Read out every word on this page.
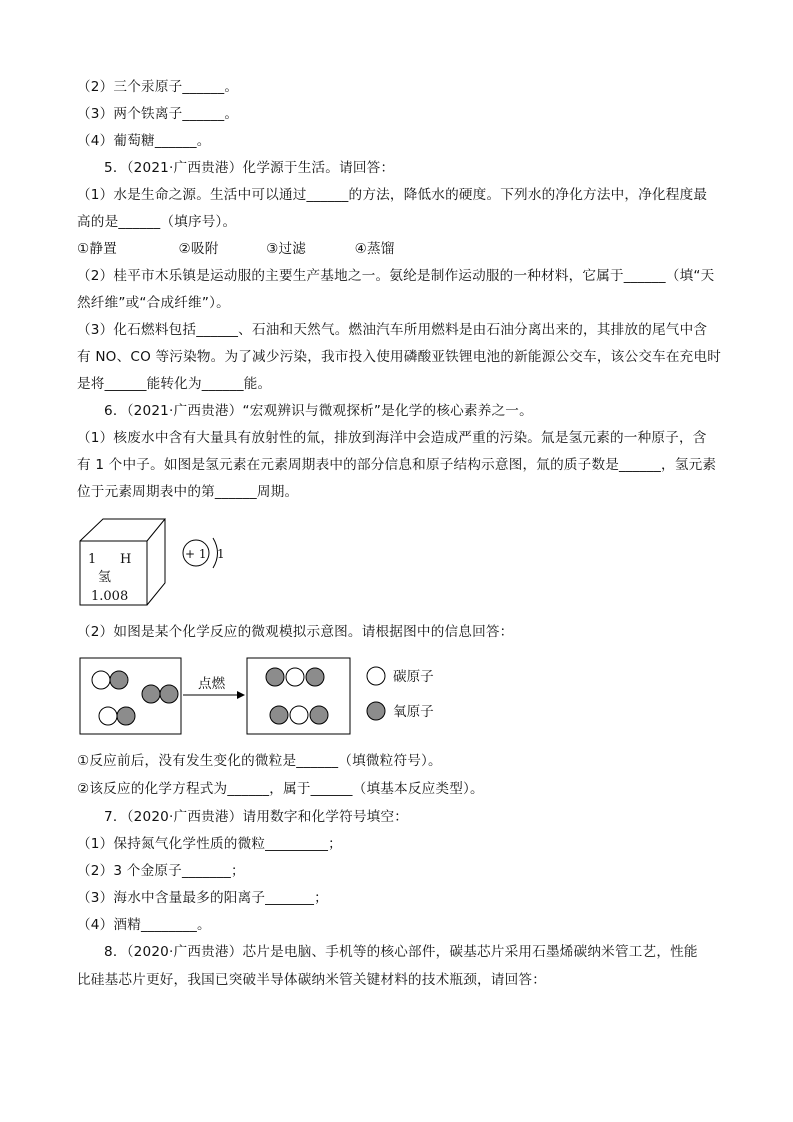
（2）三个汞原子______。
（3）两个铁离子______。
（4）葡萄糖______。
5．（2021·广西贵港）化学源于生活。请回答：
（1）水是生命之源。生活中可以通过______的方法，降低水的硬度。下列水的净化方法中，净化程度最
高的是______（填序号）。
①静置	②吸附	③过滤	④蒸馏
（2）桂平市木乐镇是运动服的主要生产基地之一。氨纶是制作运动服的一种材料，它属于______（填“天
然纤维”或“合成纤维”）。
（3）化石燃料包括______、石油和天然气。燃油汽车所用燃料是由石油分离出来的，其排放的尾气中含
有 NO、CO 等污染物。为了减少污染，我市投入使用磷酸亚铁锂电池的新能源公交车，该公交车在充电时
是将______能转化为______能。
6．（2021·广西贵港）“宏观辨识与微观探析”是化学的核心素养之一。
（1）核废水中含有大量具有放射性的氚，排放到海洋中会造成严重的污染。氚是氢元素的一种原子，含
有 1 个中子。如图是氢元素在元素周期表中的部分信息和原子结构示意图，氚的质子数是______，氢元素
位于元素周期表中的第______周期。
1 H
氢
1.008
+ 1 1
（2）如图是某个化学反应的微观模拟示意图。请根据图中的信息回答：
点燃	碳原子
氧原子
①反应前后，没有发生变化的微粒是______（填微粒符号）。
②该反应的化学方程式为______，属于______（填基本反应类型）。
7．（2020·广西贵港）请用数字和化学符号填空：
（1）保持氮气化学性质的微粒_________；
（2）3 个金原子_______；
（3）海水中含量最多的阳离子_______；
（4）酒精________。
8．（2020·广西贵港）芯片是电脑、手机等的核心部件，碳基芯片采用石墨烯碳纳米管工艺，性能
比硅基芯片更好，我国已突破半导体碳纳米管关键材料的技术瓶颈，请回答：
